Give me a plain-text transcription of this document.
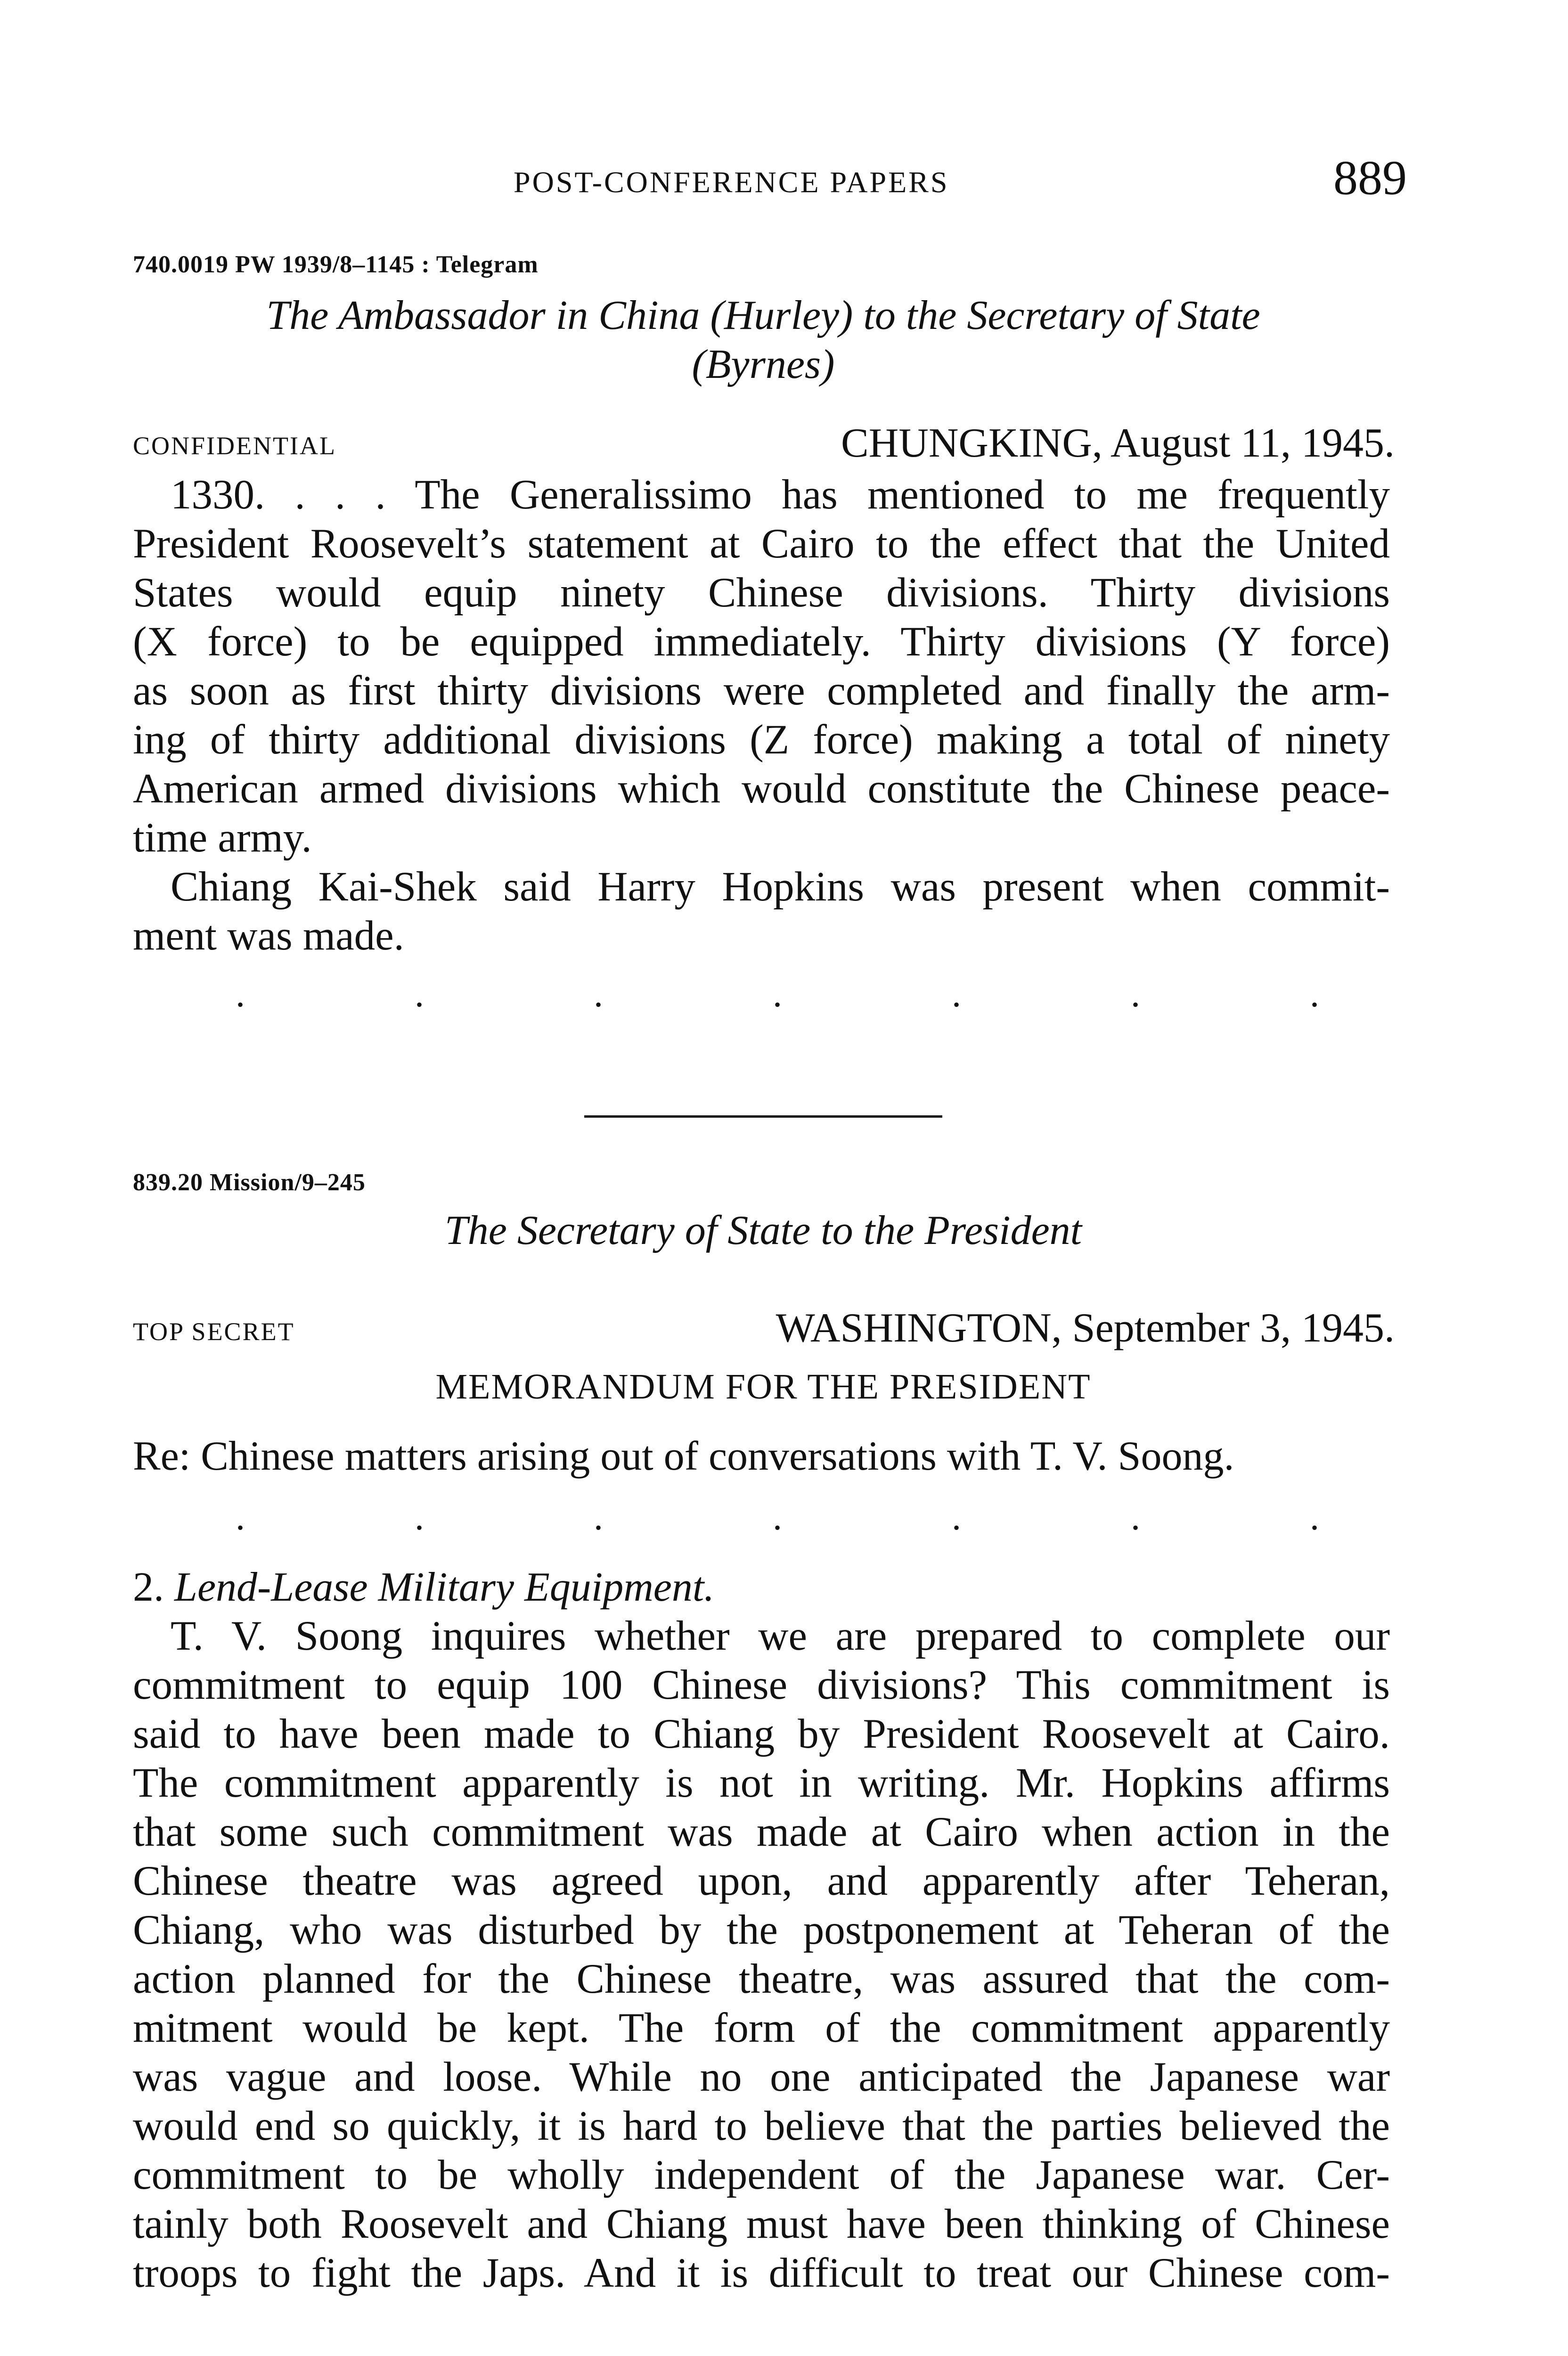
POST-CONFERENCE PAPERS	889
740.0019 PW 1939/8–1145 : Telegram
The Ambassador in China (Hurley) to the Secretary of State
(Byrnes)
CONFIDENTIAL	CHUNGKING, August 11, 1945.
1330. . . . The Generalissimo has mentioned to me frequently
President Roosevelt’s statement at Cairo to the effect that the United
States would equip ninety Chinese divisions. Thirty divisions
(X force) to be equipped immediately. Thirty divisions (Y force)
as soon as first thirty divisions were completed and finally the arm-
ing of thirty additional divisions (Z force) making a total of ninety
American armed divisions which would constitute the Chinese peace-
time army.
Chiang Kai-Shek said Harry Hopkins was present when commit-
ment was made.
.	.	.	.	.	.	.
839.20 Mission/9–245
The Secretary of State to the President
TOP SECRET	WASHINGTON, September 3, 1945.
MEMORANDUM FOR THE PRESIDENT
Re: Chinese matters arising out of conversations with T. V. Soong.
.	.	.	.	.	.	.
2. Lend-Lease Military Equipment.
T. V. Soong inquires whether we are prepared to complete our
commitment to equip 100 Chinese divisions? This commitment is
said to have been made to Chiang by President Roosevelt at Cairo.
The commitment apparently is not in writing. Mr. Hopkins affirms
that some such commitment was made at Cairo when action in the
Chinese theatre was agreed upon, and apparently after Teheran,
Chiang, who was disturbed by the postponement at Teheran of the
action planned for the Chinese theatre, was assured that the com-
mitment would be kept. The form of the commitment apparently
was vague and loose. While no one anticipated the Japanese war
would end so quickly, it is hard to believe that the parties believed the
commitment to be wholly independent of the Japanese war. Cer-
tainly both Roosevelt and Chiang must have been thinking of Chinese
troops to fight the Japs. And it is difficult to treat our Chinese com-
